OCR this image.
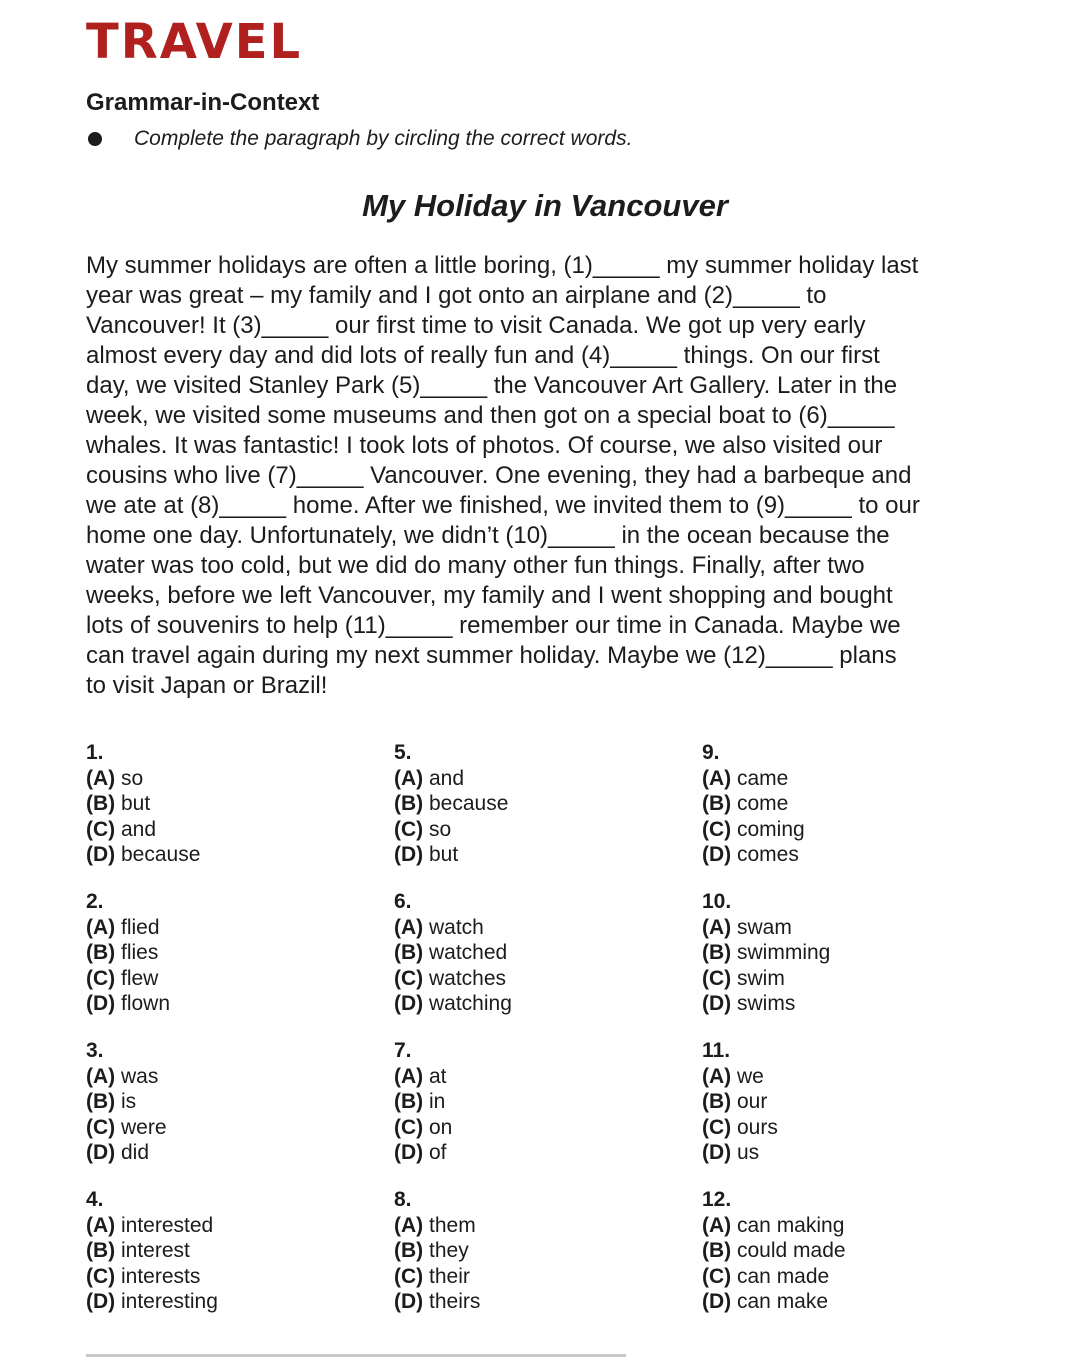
TRAVEL
Grammar-in-Context
Complete the paragraph by circling the correct words.
My Holiday in Vancouver
My summer holidays are often a little boring, (1)_____ my summer holiday last
year was great – my family and I got onto an airplane and (2)_____ to
Vancouver! It (3)_____ our first time to visit Canada. We got up very early
almost every day and did lots of really fun and (4)_____ things. On our first
day, we visited Stanley Park (5)_____ the Vancouver Art Gallery. Later in the
week, we visited some museums and then got on a special boat to (6)_____
whales. It was fantastic! I took lots of photos. Of course, we also visited our
cousins who live (7)_____ Vancouver. One evening, they had a barbeque and
we ate at (8)_____ home. After we finished, we invited them to (9)_____ to our
home one day. Unfortunately, we didn’t (10)_____ in the ocean because the
water was too cold, but we did do many other fun things. Finally, after two
weeks, before we left Vancouver, my family and I went shopping and bought
lots of souvenirs to help (11)_____ remember our time in Canada. Maybe we
can travel again during my next summer holiday. Maybe we (12)_____ plans
to visit Japan or Brazil!
1.
(A) so
(B) but
(C) and
(D) because
5.
(A) and
(B) because
(C) so
(D) but
9.
(A) came
(B) come
(C) coming
(D) comes
2.
(A) flied
(B) flies
(C) flew
(D) flown
6.
(A) watch
(B) watched
(C) watches
(D) watching
10.
(A) swam
(B) swimming
(C) swim
(D) swims
3.
(A) was
(B) is
(C) were
(D) did
7.
(A) at
(B) in
(C) on
(D) of
11.
(A) we
(B) our
(C) ours
(D) us
4.
(A) interested
(B) interest
(C) interests
(D) interesting
8.
(A) them
(B) they
(C) their
(D) theirs
12.
(A) can making
(B) could made
(C) can made
(D) can make
